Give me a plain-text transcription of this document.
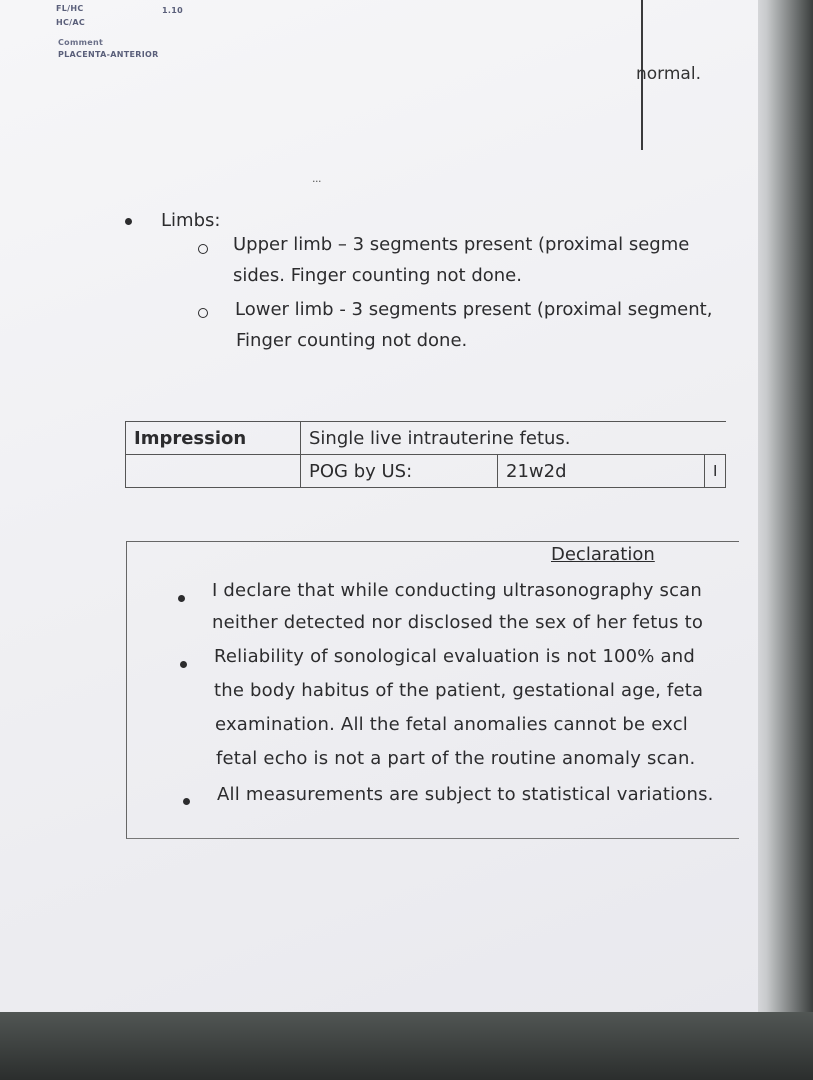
FL/HC
HC/AC
1.10
Comment
PLACENTA-ANTERIOR
normal.
...
Limbs:
Upper limb – 3 segments present (proximal segme
sides. Finger counting not done.
Lower limb - 3 segments present (proximal segment,
Finger counting not done.
Impression	Single live intrauterine fetus.		
	POG by US:	21w2d	I
Declaration
I declare that while conducting ultrasonography scan
neither detected nor disclosed the sex of her fetus to
Reliability of sonological evaluation is not 100% and
the body habitus of the patient, gestational age, feta
examination. All the fetal anomalies cannot be excl
fetal echo is not a part of the routine anomaly scan.
All measurements are subject to statistical variations.
